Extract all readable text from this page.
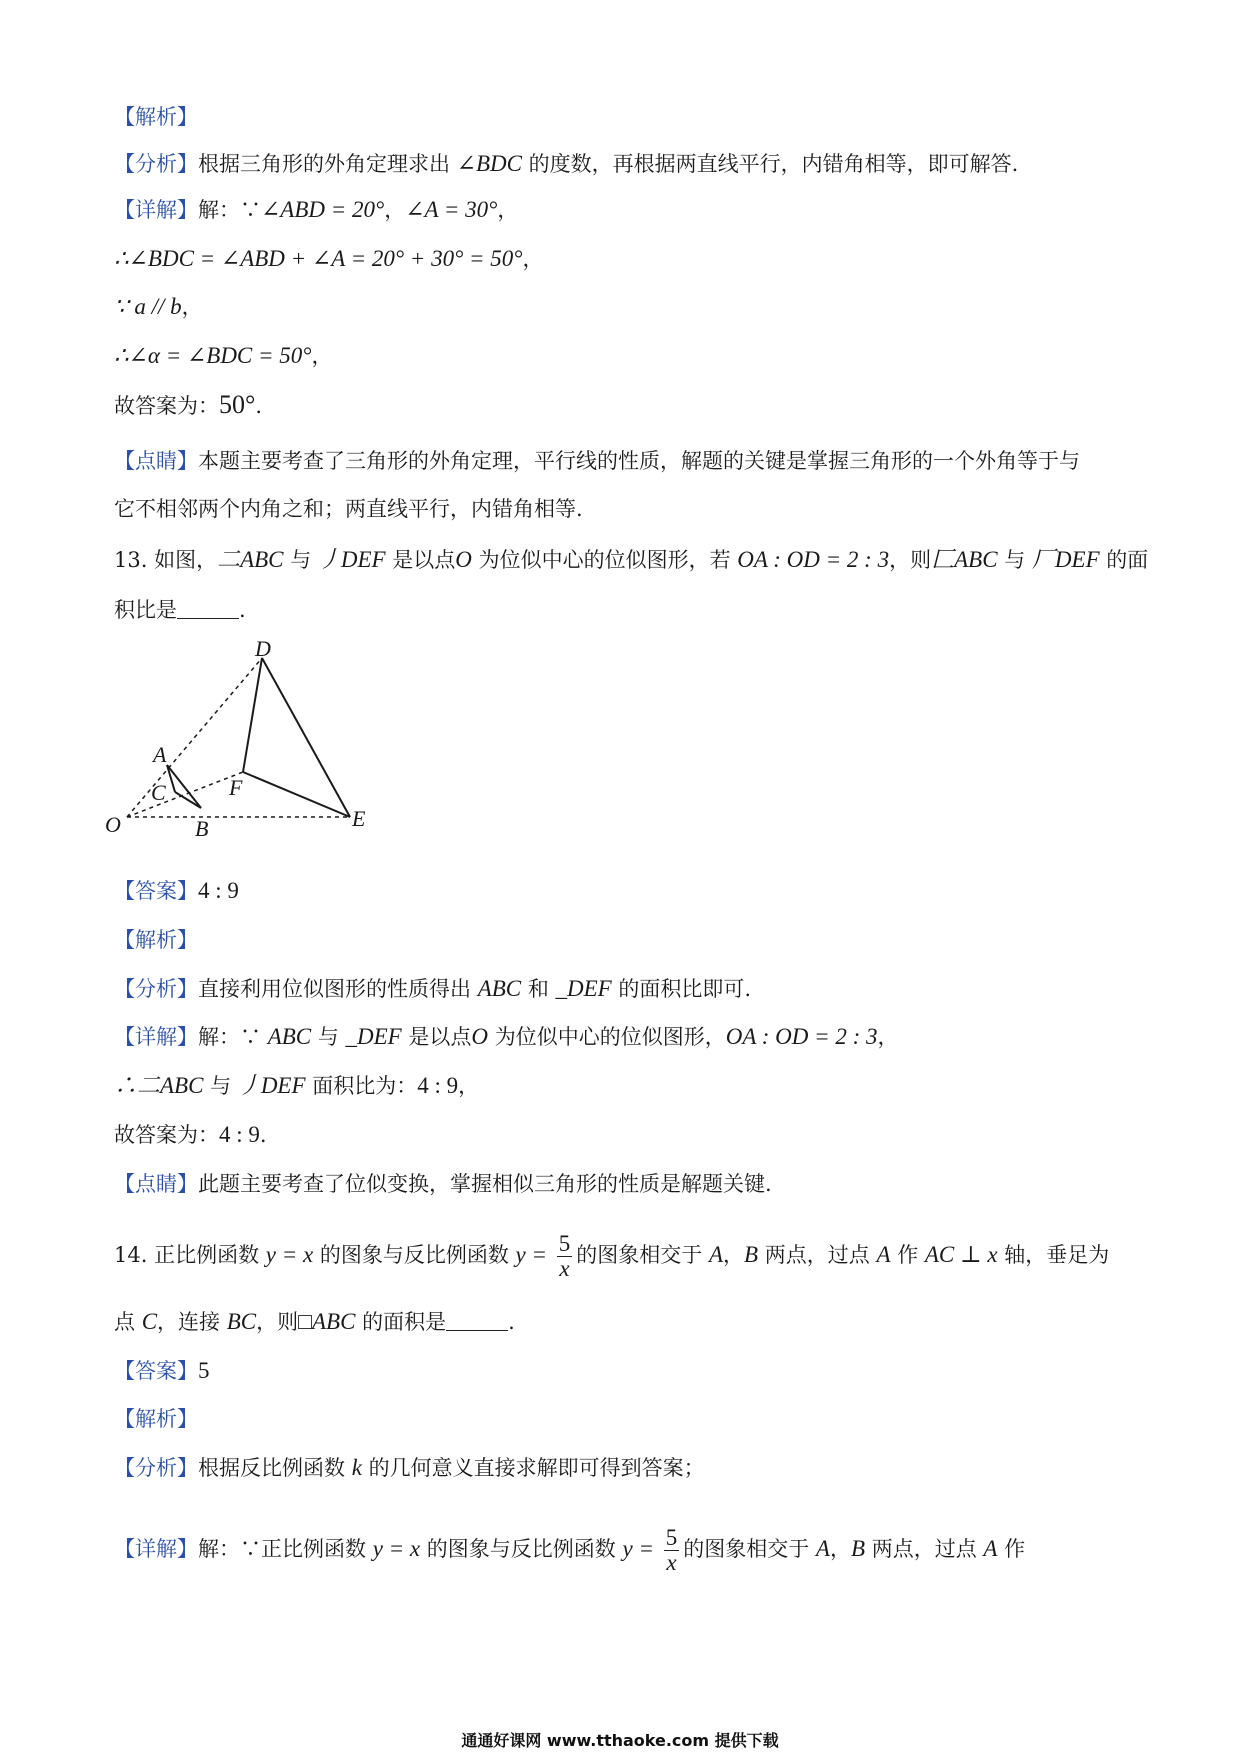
【解析】
【分析】根据三角形的外角定理求出 ∠BDC 的度数，再根据两直线平行，内错角相等，即可解答.
【详解】解：∵∠ABD = 20°，∠A = 30°，
∴∠BDC = ∠ABD + ∠A = 20° + 30° = 50°，
∵ a // b，
∴∠α = ∠BDC = 50°，
故答案为：50°.
【点睛】本题主要考查了三角形的外角定理，平行线的性质，解题的关键是掌握三角形的一个外角等于与
它不相邻两个内角之和；两直线平行，内错角相等.
13. 如图，⼆ABC 与 ⼃DEF 是以点O 为位似中心的位似图形，若 OA : OD = 2 : 3，则⼕ABC 与 ⼚DEF 的面
积比是	.
D
A
C	F
O	B	E
【答案】4 : 9
【解析】
【分析】直接利用位似图形的性质得出 ABC 和 _DEF 的面积比即可.
【详解】解：∵ ABC 与 _DEF 是以点O 为位似中心的位似图形，OA : OD = 2 : 3，
∴⼆ABC 与 ⼃DEF 面积比为：4 : 9，
故答案为：4 : 9.
【点睛】此题主要考查了位似变换，掌握相似三角形的性质是解题关键.
14. 正比例函数 y = x 的图象与反比例函数 $y = \frac{5}{x}$ 的图象相交于 A，B 两点，过点 A 作 AC ⊥ x 轴，垂足为
点 C，连接 BC，则□ABC 的面积是	.
【答案】5
【解析】
【分析】根据反比例函数 k 的几何意义直接求解即可得到答案；
【详解】解：∵正比例函数 y = x 的图象与反比例函数 $y = \frac{5}{x}$ 的图象相交于 A，B 两点，过点 A 作
通通好课网 www.tthaoke.com 提供下载
